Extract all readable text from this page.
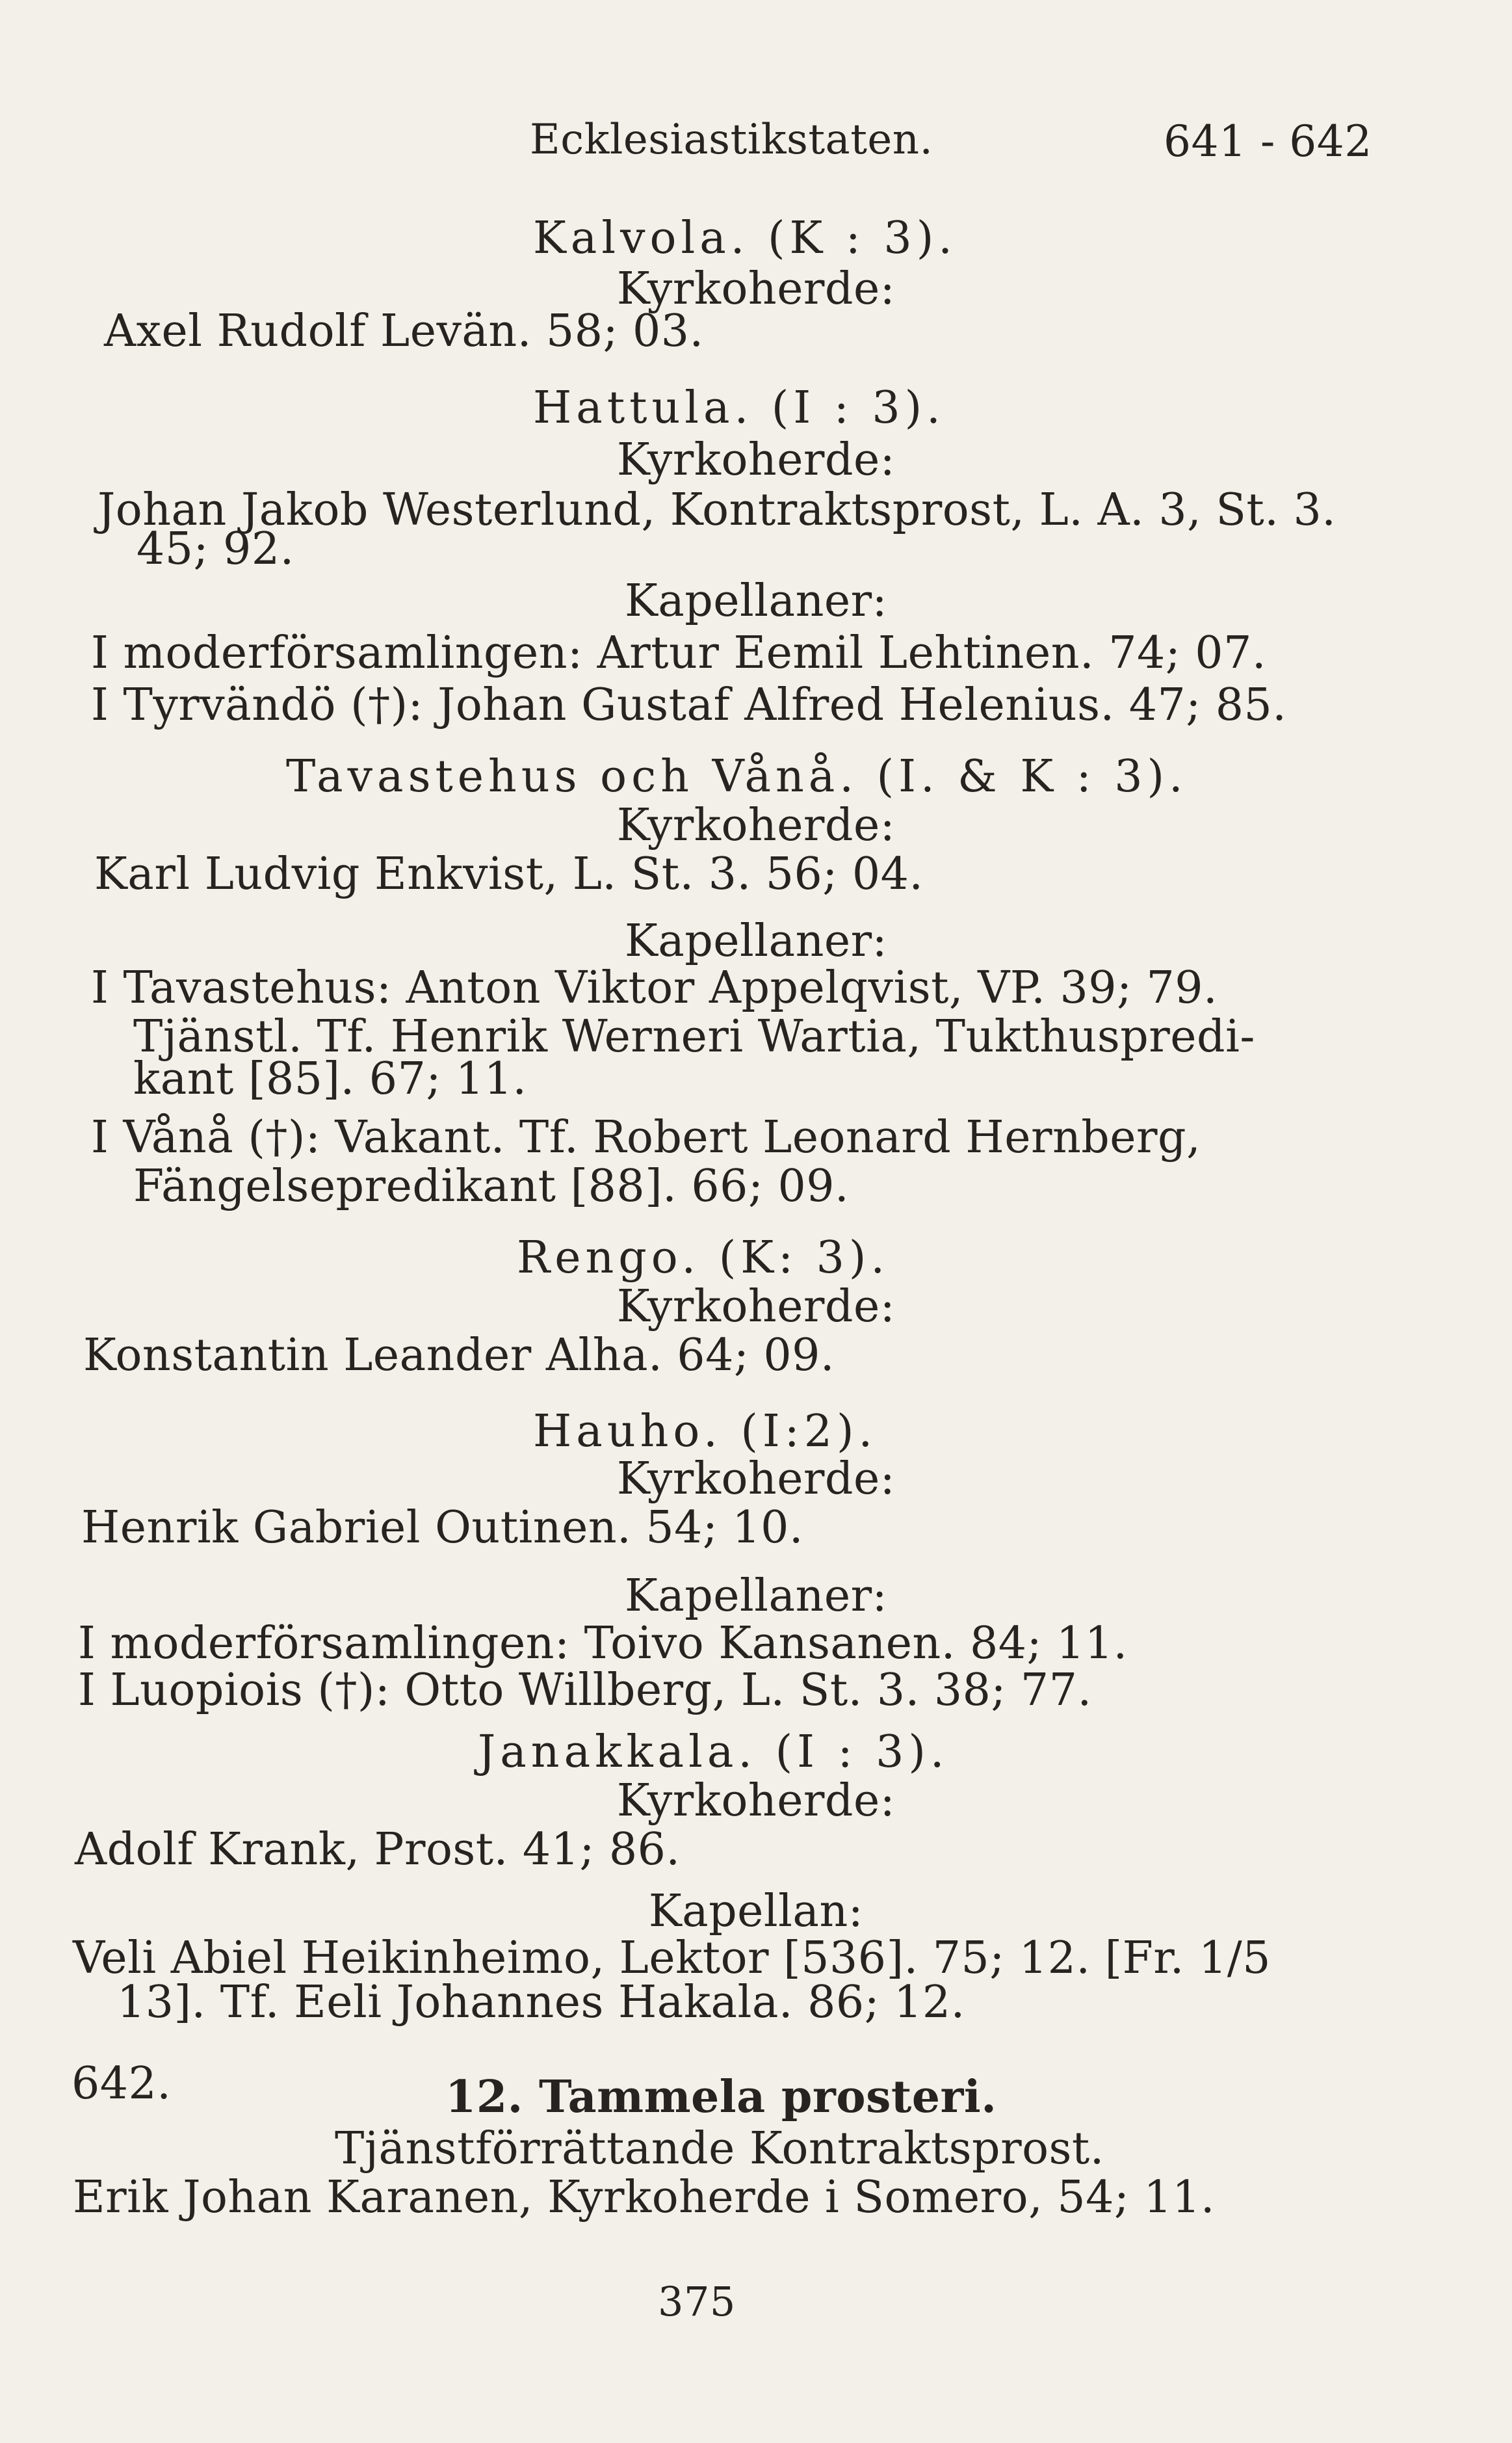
Ecklesiastikstaten.	641 - 642
Kalvola. (K : 3).
Kyrkoherde:
Axel Rudolf Levän. 58; 03.
Hattula. (I : 3).
Kyrkoherde:
Johan Jakob Westerlund, Kontraktsprost, L. A. 3, St. 3.
45; 92.
Kapellaner:
I moderförsamlingen: Artur Eemil Lehtinen. 74; 07.
I Tyrvändö (†): Johan Gustaf Alfred Helenius. 47; 85.
Tavastehus och Vånå. (I. & K : 3).
Kyrkoherde:
Karl Ludvig Enkvist, L. St. 3. 56; 04.
Kapellaner:
I Tavastehus: Anton Viktor Appelqvist, VP. 39; 79.
Tjänstl. Tf. Henrik Werneri Wartia, Tukthuspredi-
kant [85]. 67; 11.
I Vånå (†): Vakant. Tf. Robert Leonard Hernberg,
Fängelsepredikant [88]. 66; 09.
Rengo. (K: 3).
Kyrkoherde:
Konstantin Leander Alha. 64; 09.
Hauho. (I:2).
Kyrkoherde:
Henrik Gabriel Outinen. 54; 10.
Kapellaner:
I moderförsamlingen: Toivo Kansanen. 84; 11.
I Luopiois (†): Otto Willberg, L. St. 3. 38; 77.
Janakkala. (I : 3).
Kyrkoherde:
Adolf Krank, Prost. 41; 86.
Kapellan:
Veli Abiel Heikinheimo, Lektor [536]. 75; 12. [Fr. 1/5
13]. Tf. Eeli Johannes Hakala. 86; 12.
642.	12. Tammela prosteri.
Tjänstförrättande Kontraktsprost.
Erik Johan Karanen, Kyrkoherde i Somero, 54; 11.
375
